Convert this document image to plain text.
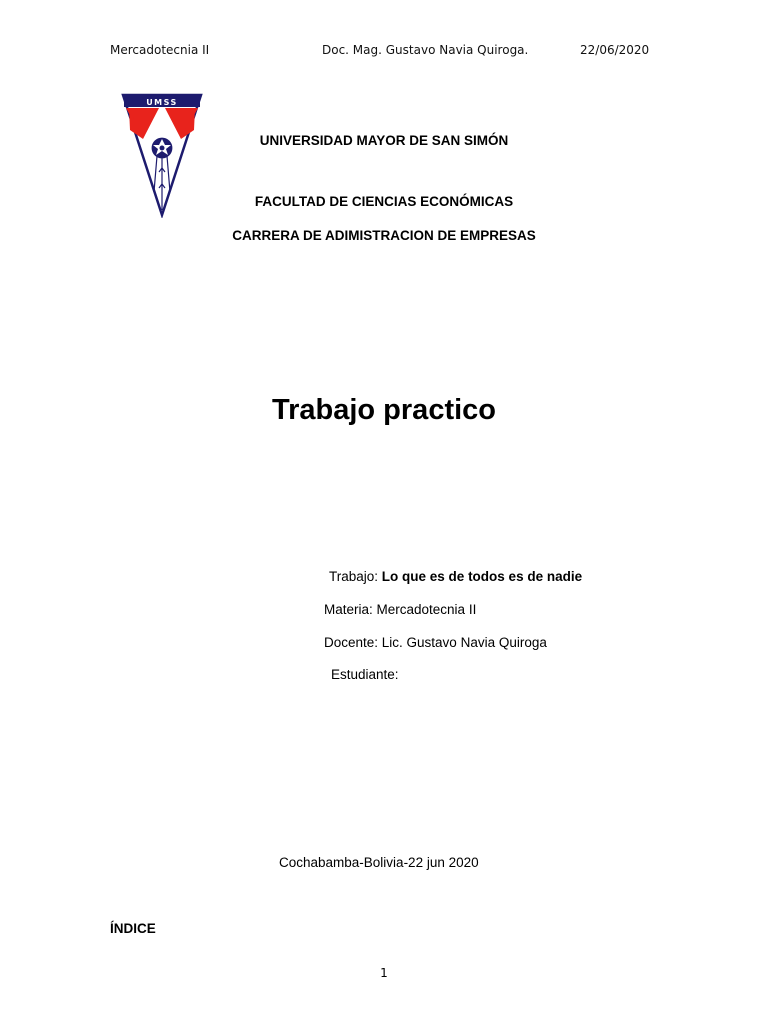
Mercadotecnia II	Doc. Mag. Gustavo Navia Quiroga.	22/06/2020
UMSS
UNIVERSIDAD MAYOR DE SAN SIMÓN
FACULTAD DE CIENCIAS ECONÓMICAS
CARRERA DE ADIMISTRACION DE EMPRESAS
Trabajo practico
Trabajo: Lo que es de todos es de nadie
Materia: Mercadotecnia II
Docente: Lic. Gustavo Navia Quiroga
Estudiante:
Cochabamba-Bolivia-22 jun 2020
ÍNDICE
1
